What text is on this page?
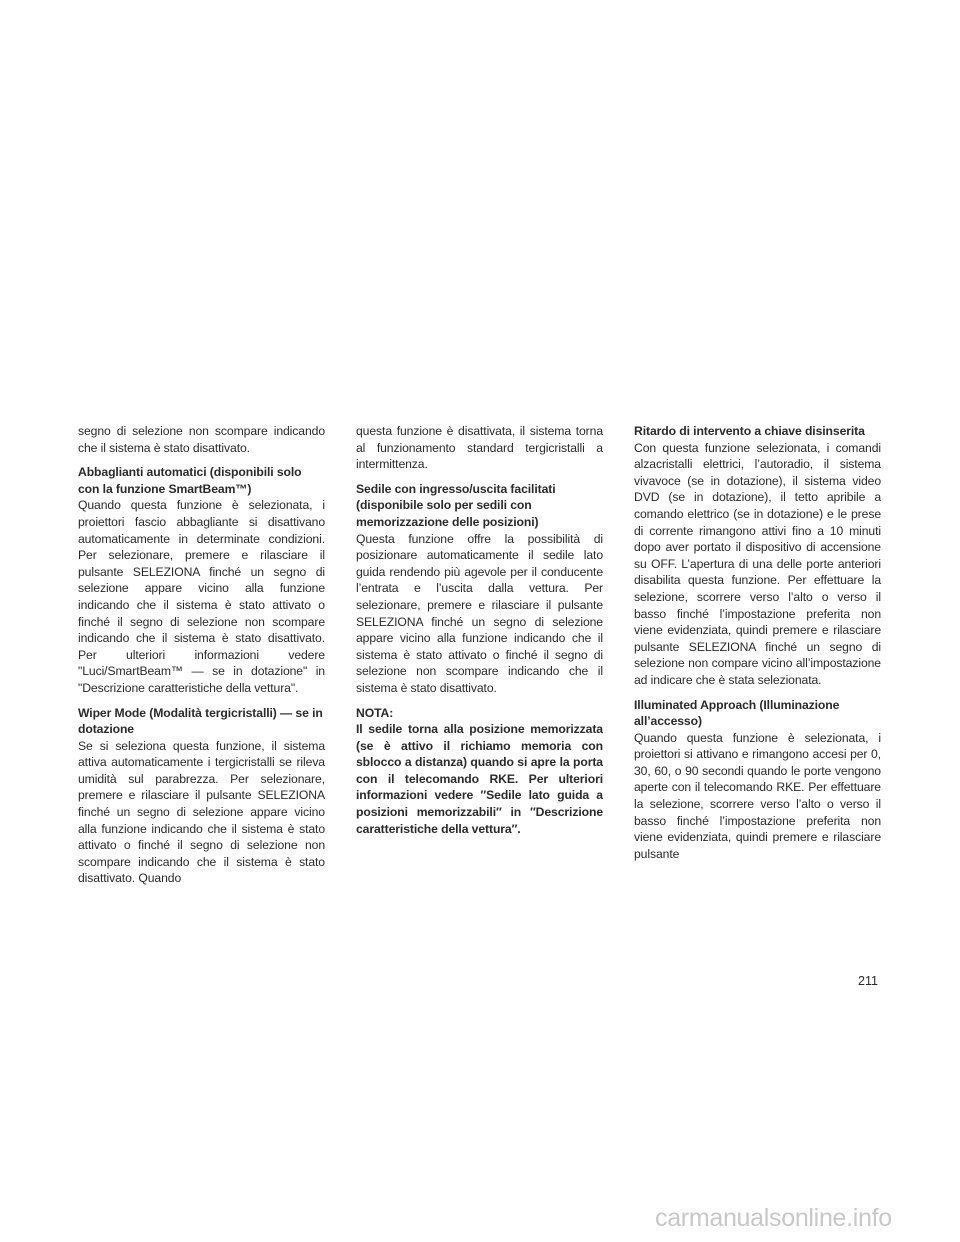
segno di selezione non scompare indicando che il sistema è stato disattivato.

Abbaglianti automatici (disponibili solo con la funzione SmartBeam™)

Quando questa funzione è selezionata, i proiettori fascio abbagliante si disattivano automaticamente in determinate condizioni. Per selezionare, premere e rilasciare il pulsante SELEZIONA finché un segno di selezione appare vicino alla funzione indicando che il sistema è stato attivato o finché il segno di selezione non scompare indicando che il sistema è stato disattivato. Per ulteriori informazioni vedere "Luci/SmartBeam™ — se in dotazione" in "Descrizione caratteristiche della vettura".

Wiper Mode (Modalità tergicristalli) — se in dotazione

Se si seleziona questa funzione, il sistema attiva automaticamente i tergicristalli se rileva umidità sul parabrezza. Per selezionare, premere e rilasciare il pulsante SELEZIONA finché un segno di selezione appare vicino alla funzione indicando che il sistema è stato attivato o finché il segno di selezione non scompare indicando che il sistema è stato disattivato. Quando

questa funzione è disattivata, il sistema torna al funzionamento standard tergicristalli a intermittenza.

Sedile con ingresso/uscita facilitati (disponibile solo per sedili con memorizzazione delle posizioni)

Questa funzione offre la possibilità di posizionare automaticamente il sedile lato guida rendendo più agevole per il conducente l’entrata e l’uscita dalla vettura. Per selezionare, premere e rilasciare il pulsante SELEZIONA finché un segno di selezione appare vicino alla funzione indicando che il sistema è stato attivato o finché il segno di selezione non scompare indicando che il sistema è stato disattivato.

NOTA:
Il sedile torna alla posizione memorizzata (se è attivo il richiamo memoria con sblocco a distanza) quando si apre la porta con il telecomando RKE. Per ulteriori informazioni vedere ″Sedile lato guida a posizioni memorizzabili″ in ″Descrizione caratteristiche della vettura″.
Ritardo di intervento a chiave disinserita

Con questa funzione selezionata, i comandi alzacristalli elettrici, l’autoradio, il sistema vivavoce (se in dotazione), il sistema video DVD (se in dotazione), il tetto apribile a comando elettrico (se in dotazione) e le prese di corrente rimangono attivi fino a 10 minuti dopo aver portato il dispositivo di accensione su OFF. L’apertura di una delle porte anteriori disabilita questa funzione. Per effettuare la selezione, scorrere verso l’alto o verso il basso finché l’impostazione preferita non viene evidenziata, quindi premere e rilasciare pulsante SELEZIONA finché un segno di selezione non compare vicino all’impostazione ad indicare che è stata selezionata.

Illuminated Approach (Illuminazione all’accesso)

Quando questa funzione è selezionata, i proiettori si attivano e rimangono accesi per 0, 30, 60, o 90 secondi quando le porte vengono aperte con il telecomando RKE. Per effettuare la selezione, scorrere verso l’alto o verso il basso finché l’impostazione preferita non viene evidenziata, quindi premere e rilasciare pulsante

211
carmanualsonline.info
